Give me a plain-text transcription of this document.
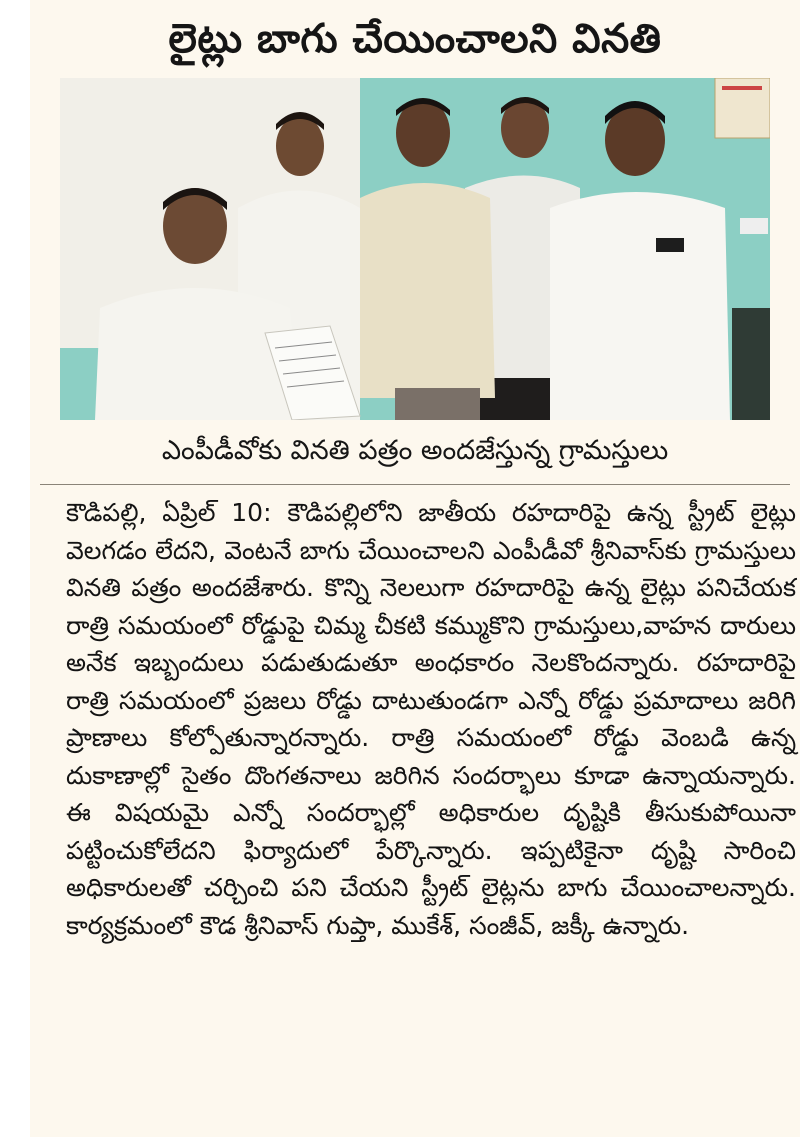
లైట్లు బాగు చేయించాలని వినతి
ఎంపీడీవోకు వినతి పత్రం అందజేస్తున్న గ్రామస్తులు
కౌడిపల్లి, ఏప్రిల్ 10: కౌడిపల్లిలోని జాతీయ రహదారిపై ఉన్న స్ట్రీట్ లైట్లు వెలగడం లేదని, వెంటనే బాగు చేయించాలని ఎంపీడీవో శ్రీనివాస్‌కు గ్రామస్తులు వినతి పత్రం అందజేశారు. కొన్ని నెలలుగా రహదారిపై ఉన్న లైట్లు పనిచేయక రాత్రి సమయంలో రోడ్డుపై చిమ్మ చీకటి కమ్ముకొని గ్రామస్తులు,వాహన దారులు అనేక ఇబ్బందులు పడుతుడుతూ అంధకారం నెలకొందన్నారు. రహదారిపై రాత్రి సమయంలో ప్రజలు రోడ్డు దాటుతుండగా ఎన్నో రోడ్డు ప్రమాదాలు జరిగి ప్రాణాలు కోల్పోతున్నారన్నారు. రాత్రి సమయంలో రోడ్డు వెంబడి ఉన్న దుకాణాల్లో సైతం దొంగతనాలు జరిగిన సందర్భాలు కూడా ఉన్నాయన్నారు. ఈ విషయమై ఎన్నో సందర్భాల్లో అధికారుల దృష్టికి తీసుకుపోయినా పట్టించుకోలేదని ఫిర్యాదులో పేర్కొన్నారు. ఇప్పటికైనా దృష్టి సారించి అధికారులతో చర్చించి పని చేయని స్ట్రీట్ లైట్లను బాగు చేయించాలన్నారు. కార్యక్రమంలో కౌడ శ్రీనివాస్ గుప్తా, ముకేశ్, సంజీవ్, జక్కీ ఉన్నారు.
